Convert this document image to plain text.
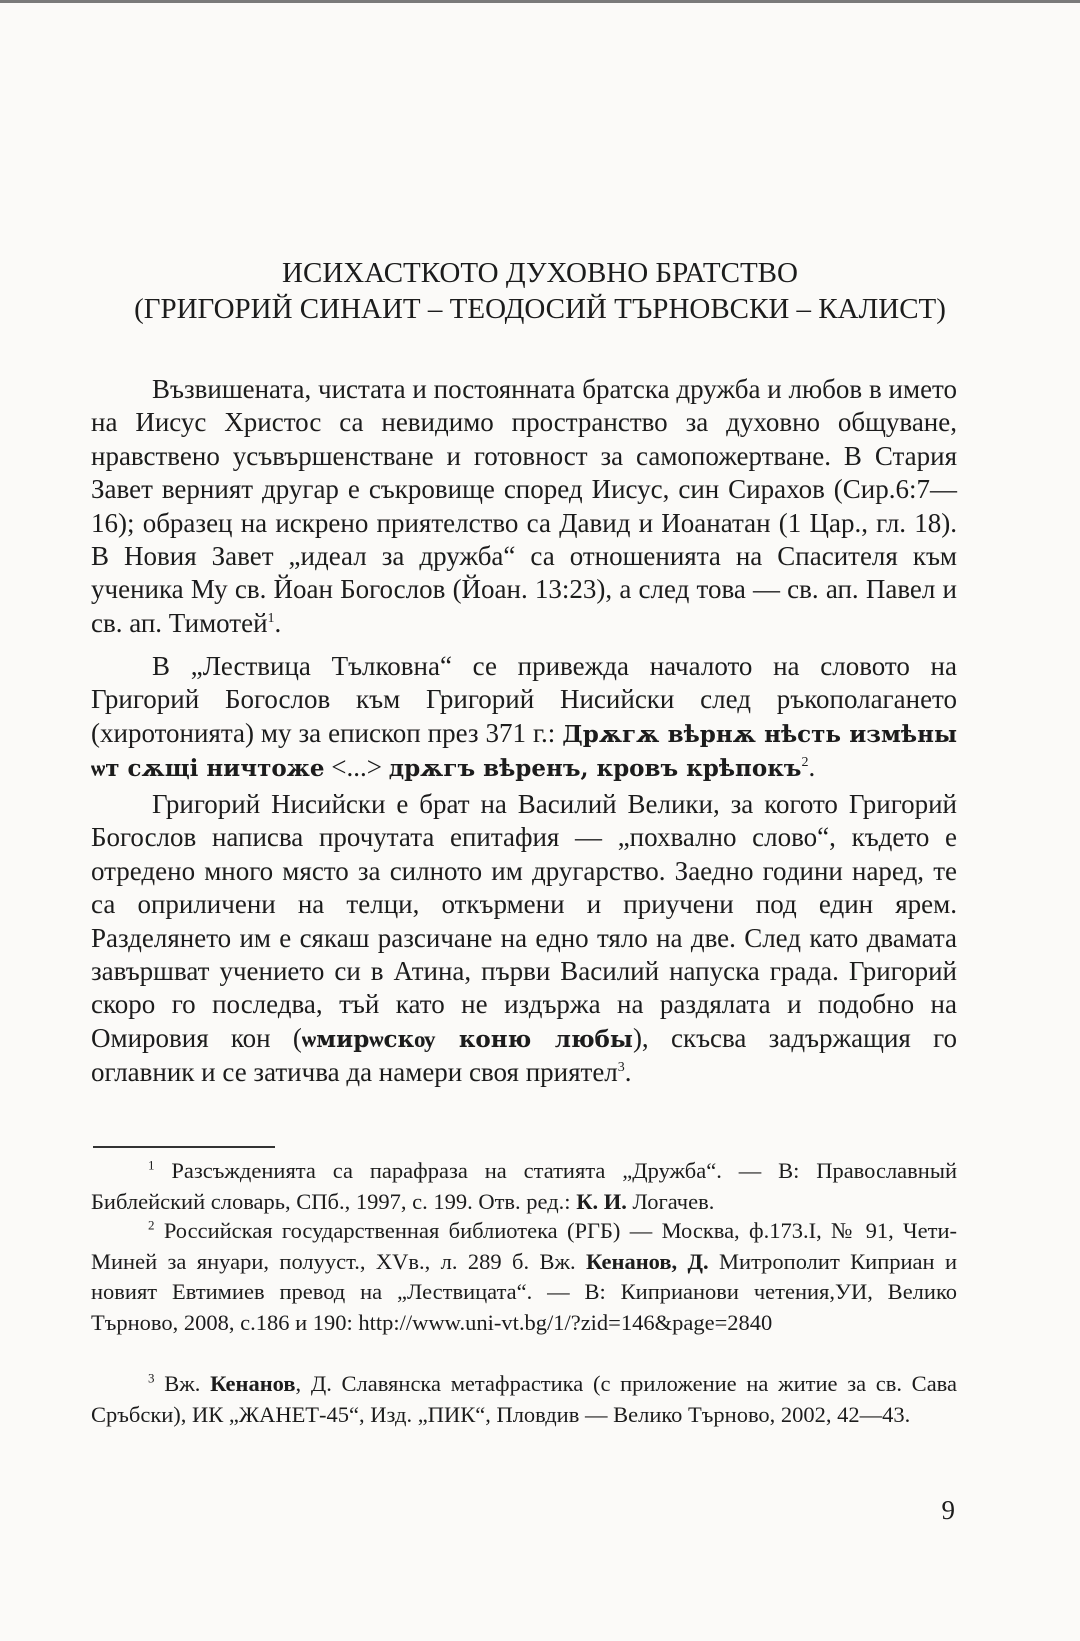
ИСИХАСТКОТО ДУХОВНО БРАТСТВО
(ГРИГОРИЙ СИНАИТ – ТЕОДОСИЙ ТЪРНОВСКИ – КАЛИСТ)

Възвишената, чистата и постоянната братска дружба и любов в името на Иисус Христос са невидимо пространство за духовно общуване, нравствено усъвършенстване и готовност за самопожертване. В Стария Завет верният другар е съкровище според Иисус, син Сирахов (Сир.6:7—16); образец на искрено приятелство са Давид и Иоанатан (1 Цар., гл. 18). В Новия Завет „идеал за дружба“ са отношенията на Спасителя към ученика Му св. Йоан Богослов (Йоан. 13:23), а след това — св. ап. Павел и св. ап. Тимотей$^1$.

В „Лествица Тълковна“ се привежда началото на словото на Григорий Богослов към Григорий Нисийски след ръкополагането (хиротонията) му за епископ през 371 г.: Дрѫгѫ вѣрнѫ нѣсть измѣны ѡт сѫщі ничтоже <...> дрѫгъ вѣренъ, кровъ крѣпокъ$^2$.

Григорий Нисийски е брат на Василий Велики, за когото Григорий Богослов написва прочутата епитафия — „похвално слово“, където е отредено много място за силното им другарство. Заедно години наред, те са оприличени на телци, откърмени и приучени под един ярем. Разделянето им е сякаш разсичане на едно тяло на две. След като двамата завършват учението си в Атина, първи Василий напуска града. Григорий скоро го последва, тъй като не издържа на раздялата и подобно на Омировия кон (ѡмирѡскѹ коню любы), скъсва задържащия го оглавник и се затичва да намери своя приятел$^3$.

$^1$ Разсъжденията са парафраза на статията „Дружба“. — В: Православный Библейский словарь, СПб., 1997, с. 199. Отв. ред.: К. И. Логачев.

$^2$ Российская государственная библиотека (РГБ) — Москва, ф.173.I, № 91, Чети-Миней за януари, полууст., XVв., л. 289 б. Вж. Кенанов, Д. Митрополит Киприан и новият Евтимиев превод на „Лествицата“. — В: Киприанови четения,УИ, Велико Търново, 2008, с.186 и 190: http://www.uni-vt.bg/1/?zid=146&page=2840

$^3$ Вж. Кенанов, Д. Славянска метафрастика (с приложение на житие за св. Сава Сръбски), ИК „ЖАНЕТ-45“, Изд. „ПИК“, Пловдив — Велико Търново, 2002, 42—43.

9
